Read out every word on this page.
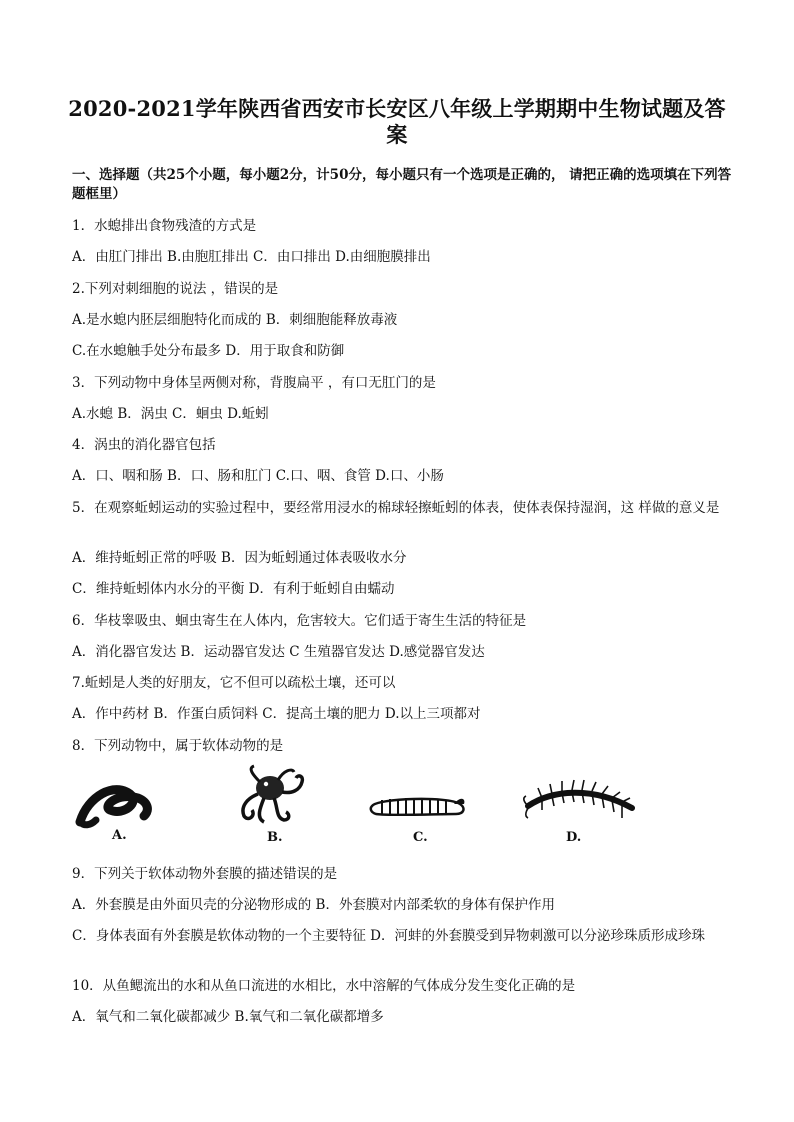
2020-2021学年陕西省西安市长安区八年级上学期期中生物试题及答案
一、选择题（共25个小题，每小题2分，计50分，每小题只有一个选项是正确的， 请把正确的选项填在下列答题框里）
1．水螅排出食物残渣的方式是
A．由肛门排出 B.由胞肛排出 C．由口排出 D.由细胞膜排出
2.下列对刺细胞的说法 ，错误的是
A.是水螅内胚层细胞特化而成的 B．刺细胞能释放毒液
C.在水螅触手处分布最多 D．用于取食和防御
3．下列动物中身体呈两侧对称，背腹扁平 ，有口无肛门的是
A.水螅 B．涡虫 C．蛔虫 D.蚯蚓
4．涡虫的消化器官包括
A．口、咽和肠 B．口、肠和肛门 C.口、咽、食管 D.口、小肠
5．在观察蚯蚓运动的实验过程中，要经常用浸水的棉球轻擦蚯蚓的体表，使体表保持湿润，这 样做的意义是
A．维持蚯蚓正常的呼吸 B．因为蚯蚓通过体表吸收水分
C．维持蚯蚓体内水分的平衡 D．有利于蚯蚓自由蠕动
6．华枝睾吸虫、蛔虫寄生在人体内，危害较大。它们适于寄生生活的特征是
A．消化器官发达 B．运动器官发达 C 生殖器官发达 D.感觉器官发达
7.蚯蚓是人类的好朋友，它不但可以疏松土壤，还可以
A．作中药材 B．作蛋白质饲料 C．提高土壤的肥力 D.以上三项都对
8．下列动物中，属于软体动物的是
A.	B.	C.	D.
9．下列关于软体动物外套膜的描述错误的是
A．外套膜是由外面贝壳的分泌物形成的 B．外套膜对内部柔软的身体有保护作用
C．身体表面有外套膜是软体动物的一个主要特征 D．河蚌的外套膜受到异物刺激可以分泌珍珠质形成珍珠
10．从鱼鳃流出的水和从鱼口流进的水相比，水中溶解的气体成分发生变化正确的是
A．氧气和二氧化碳都减少 B.氧气和二氧化碳都增多
